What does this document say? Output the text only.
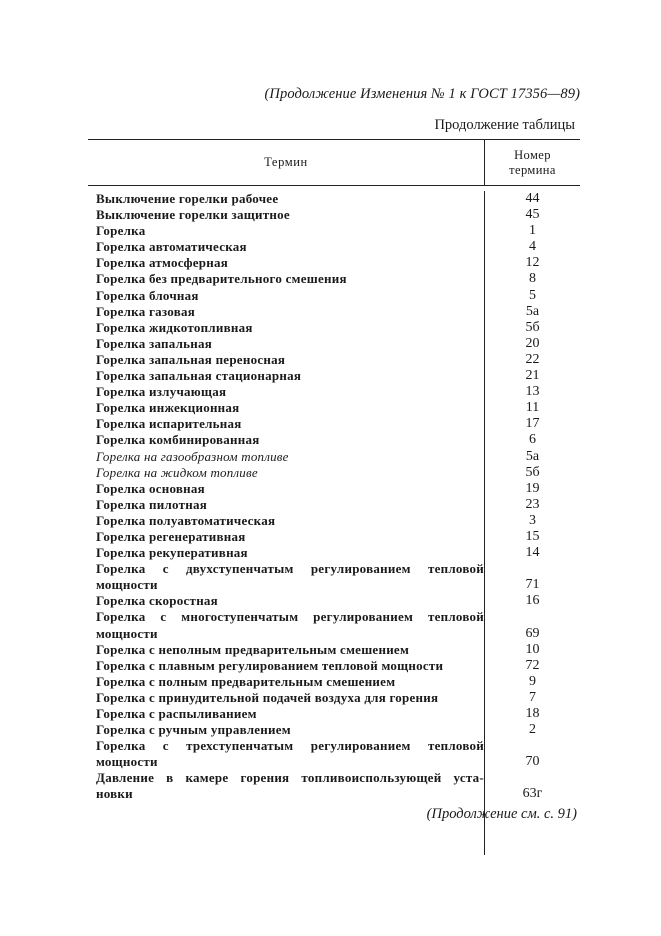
(Продолжение Изменения № 1 к ГОСТ 17356—89)
Продолжение таблицы
Термин
Номер
термина
Выключение горелки рабочее
Выключение горелки защитное
Горелка
Горелка автоматическая
Горелка атмосферная
Горелка без предварительного смешения
Горелка блочная
Горелка газовая
Горелка жидкотопливная
Горелка запальная
Горелка запальная переносная
Горелка запальная стационарная
Горелка излучающая
Горелка инжекционная
Горелка испарительная
Горелка комбинированная
Горелка на газообразном топливе
Горелка на жидком топливе
Горелка основная
Горелка пилотная
Горелка полуавтоматическая
Горелка регенеративная
Горелка рекуперативная
Горелка с двухступенчатым регулированием тепловой
мощности
Горелка скоростная
Горелка с многоступенчатым регулированием тепловой
мощности
Горелка с неполным предварительным смешением
Горелка с плавным регулированием тепловой мощности
Горелка с полным предварительным смешением
Горелка с принудительной подачей воздуха для горения
Горелка с распыливанием
Горелка с ручным управлением
Горелка с трехступенчатым регулированием тепловой
мощности
Давление в камере горения топливоиспользующей уста-
новки
44
45
1
4
12
8
5
5а
5б
20
22
21
13
11
17
6
5а
5б
19
23
3
15
14

71
16

69
10
72
9
7
18
2

70

63г
(Продолжение см. с. 91)
